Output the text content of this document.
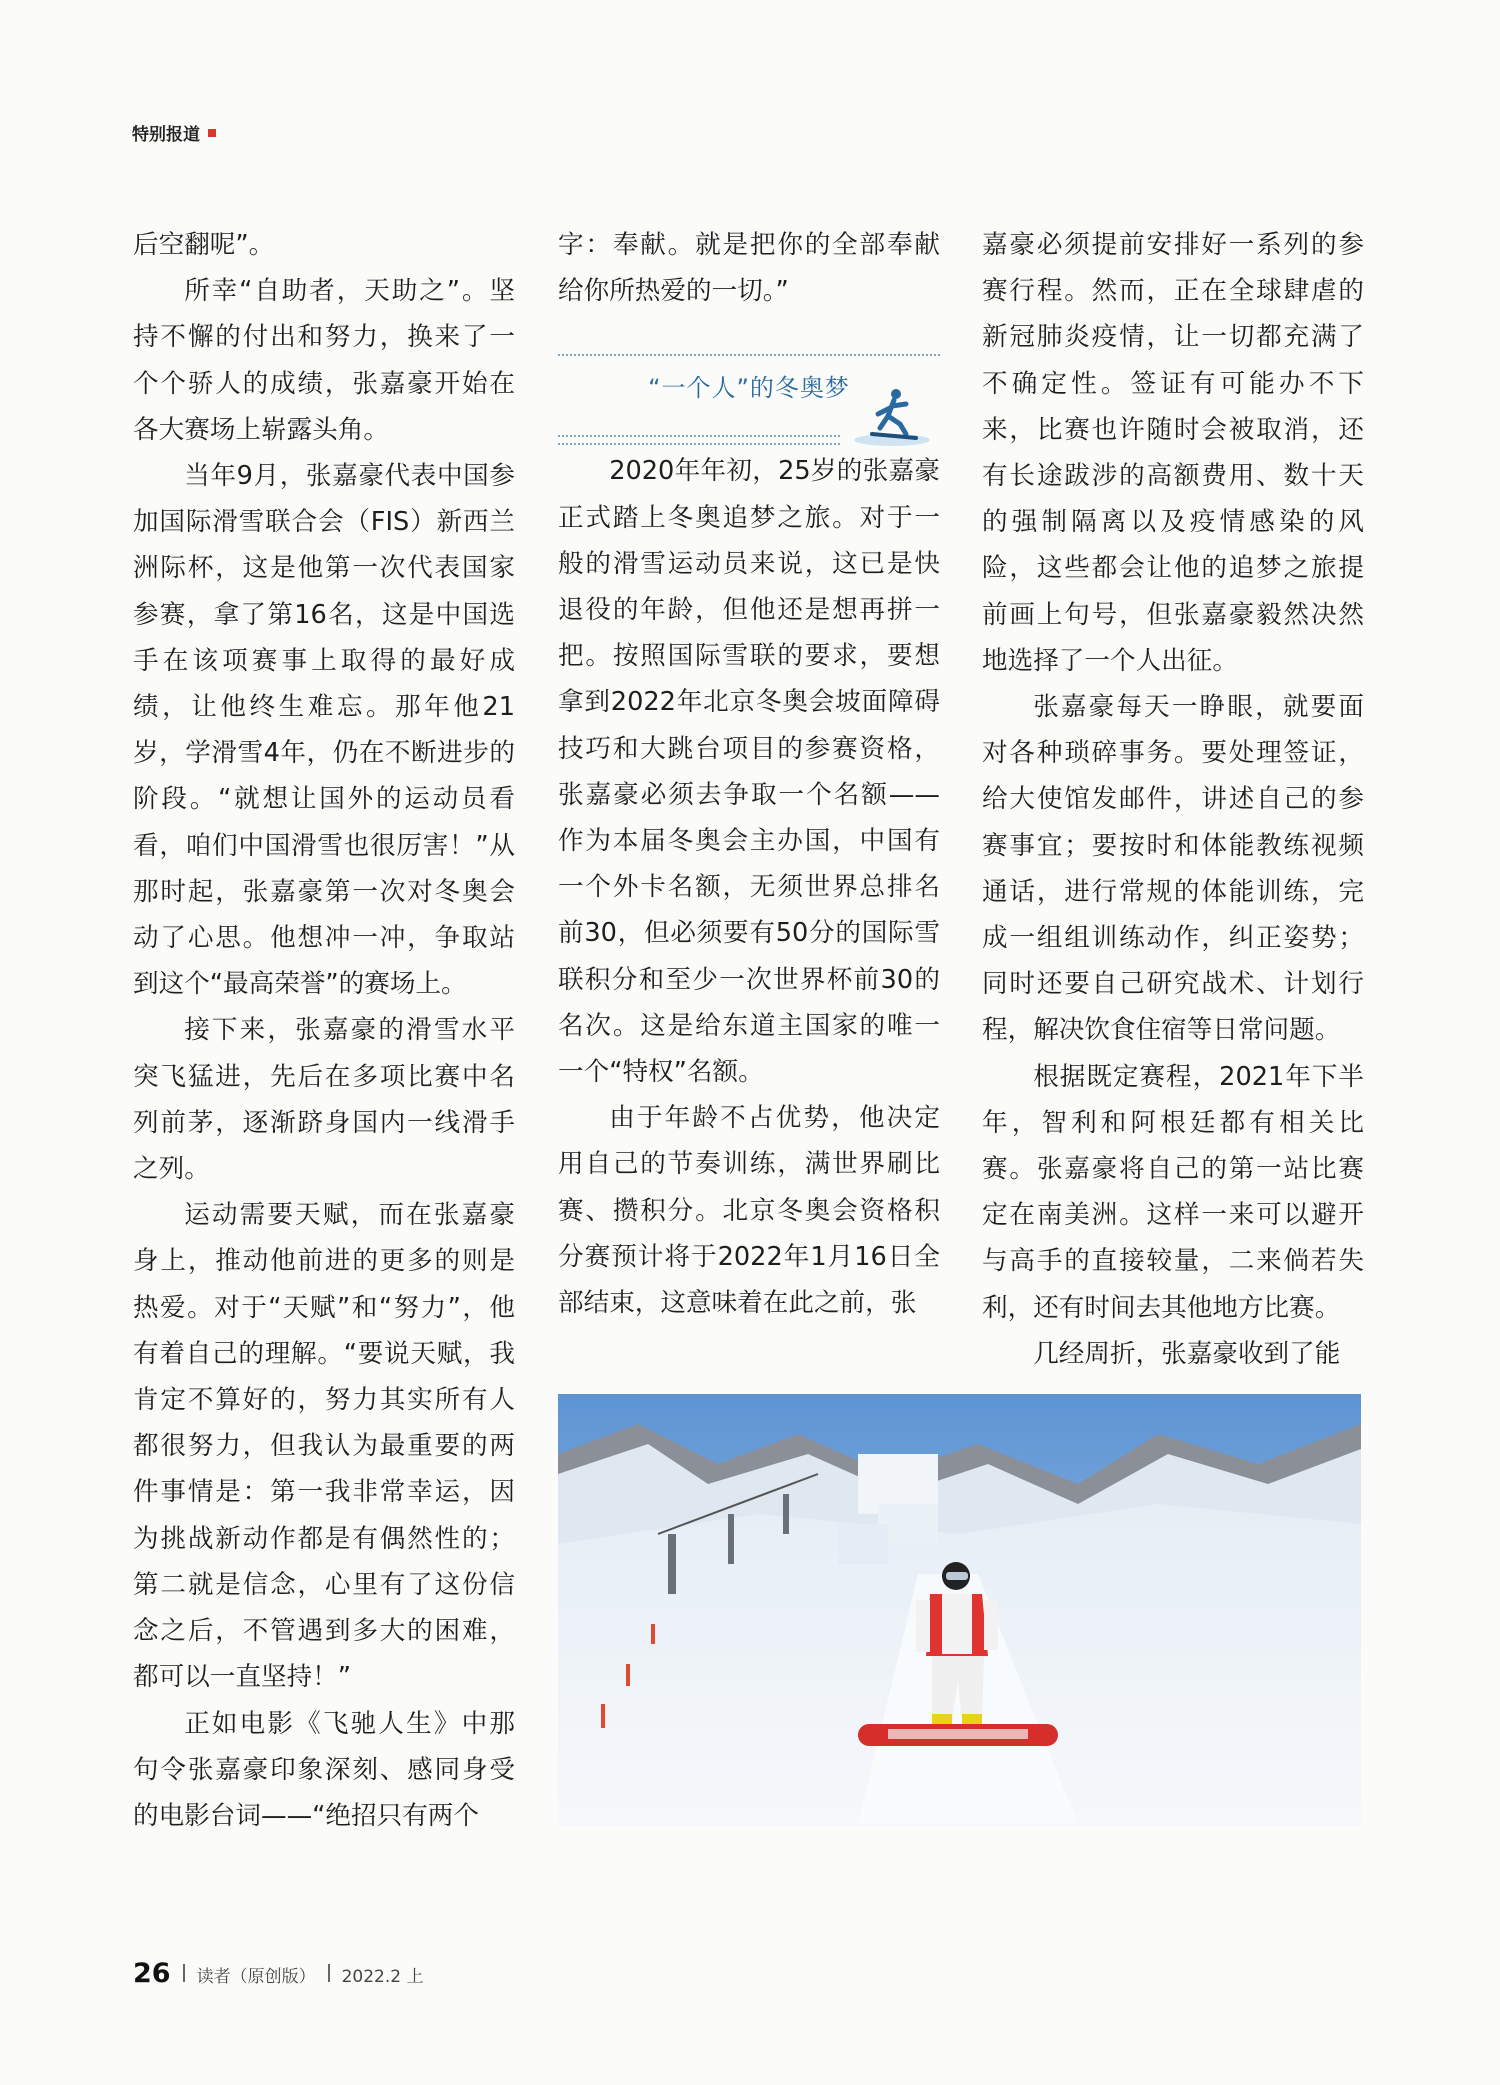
特别报道

后空翻呢”。

所幸“自助者，天助之”。坚持不懈的付出和努力，换来了一个个骄人的成绩，张嘉豪开始在各大赛场上崭露头角。

当年9月，张嘉豪代表中国参加国际滑雪联合会（FIS）新西兰洲际杯，这是他第一次代表国家参赛，拿了第16名，这是中国选手在该项赛事上取得的最好成绩，让他终生难忘。那年他21岁，学滑雪4年，仍在不断进步的阶段。“就想让国外的运动员看看，咱们中国滑雪也很厉害！”从那时起，张嘉豪第一次对冬奥会动了心思。他想冲一冲，争取站到这个“最高荣誉”的赛场上。

接下来，张嘉豪的滑雪水平突飞猛进，先后在多项比赛中名列前茅，逐渐跻身国内一线滑手之列。

运动需要天赋，而在张嘉豪身上，推动他前进的更多的则是热爱。对于“天赋”和“努力”，他有着自己的理解。“要说天赋，我肯定不算好的，努力其实所有人都很努力，但我认为最重要的两件事情是：第一我非常幸运，因为挑战新动作都是有偶然性的；第二就是信念，心里有了这份信念之后，不管遇到多大的困难，都可以一直坚持！”

正如电影《飞驰人生》中那句令张嘉豪印象深刻、感同身受的电影台词——“绝招只有两个

字：奉献。就是把你的全部奉献给你所热爱的一切。”

“一个人”的冬奥梦

2020年年初，25岁的张嘉豪正式踏上冬奥追梦之旅。对于一般的滑雪运动员来说，这已是快退役的年龄，但他还是想再拼一把。按照国际雪联的要求，要想拿到2022年北京冬奥会坡面障碍技巧和大跳台项目的参赛资格，张嘉豪必须去争取一个名额—— 作为本届冬奥会主办国，中国有一个外卡名额，无须世界总排名前30，但必须要有50分的国际雪联积分和至少一次世界杯前30的名次。这是给东道主国家的唯一一个“特权”名额。

由于年龄不占优势，他决定用自己的节奏训练，满世界刷比赛、攒积分。北京冬奥会资格积分赛预计将于2022年1月16日全部结束，这意味着在此之前，张

嘉豪必须提前安排好一系列的参赛行程。然而，正在全球肆虐的新冠肺炎疫情，让一切都充满了不确定性。签证有可能办不下来，比赛也许随时会被取消，还有长途跋涉的高额费用、数十天的强制隔离以及疫情感染的风险，这些都会让他的追梦之旅提前画上句号，但张嘉豪毅然决然地选择了一个人出征。

张嘉豪每天一睁眼，就要面对各种琐碎事务。要处理签证，给大使馆发邮件，讲述自己的参赛事宜；要按时和体能教练视频通话，进行常规的体能训练，完成一组组训练动作，纠正姿势；同时还要自己研究战术、计划行程，解决饮食住宿等日常问题。

根据既定赛程，2021年下半年，智利和阿根廷都有相关比赛。张嘉豪将自己的第一站比赛定在南美洲。这样一来可以避开与高手的直接较量，二来倘若失利，还有时间去其他地方比赛。

几经周折，张嘉豪收到了能

26 读者（原创版） 2022.2 上
